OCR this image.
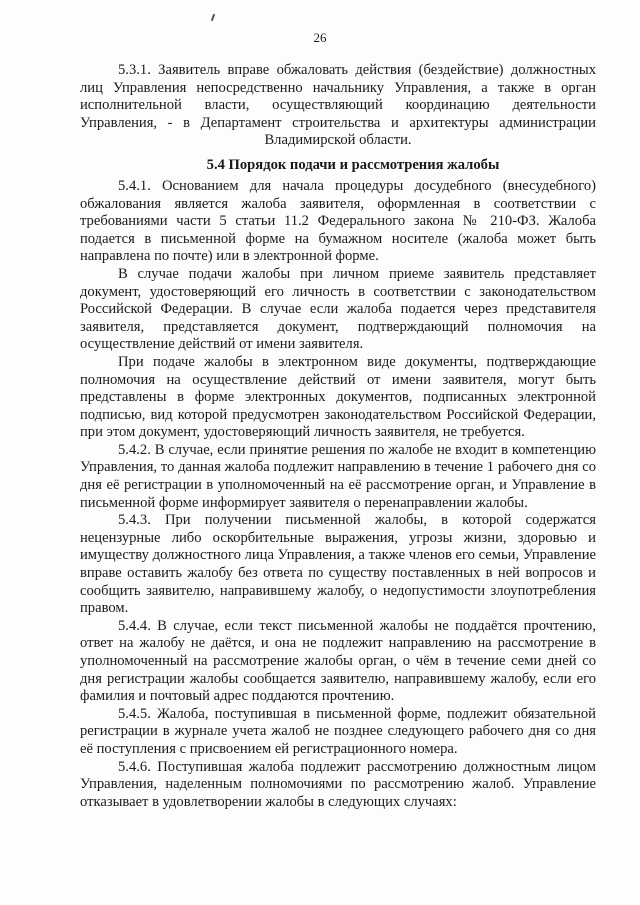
26

5.3.1. Заявитель вправе обжаловать действия (бездействие) должностных лиц Управления непосредственно начальнику Управления, а также в орган исполнительной власти, осуществляющий координацию деятельности Управления, - в Департамент строительства и архитектуры администрации Владимирской области.

5.4 Порядок подачи и рассмотрения жалобы

5.4.1. Основанием для начала процедуры досудебного (внесудебного) обжалования является жалоба заявителя, оформленная в соответствии с требованиями части 5 статьи 11.2 Федерального закона № 210-ФЗ. Жалоба подается в письменной форме на бумажном носителе (жалоба может быть направлена по почте) или в электронной форме.

В случае подачи жалобы при личном приеме заявитель представляет документ, удостоверяющий его личность в соответствии с законодательством Российской Федерации. В случае если жалоба подается через представителя заявителя, представляется документ, подтверждающий полномочия на осуществление действий от имени заявителя.

При подаче жалобы в электронном виде документы, подтверждающие полномочия на осуществление действий от имени заявителя, могут быть представлены в форме электронных документов, подписанных электронной подписью, вид которой предусмотрен законодательством Российской Федерации, при этом документ, удостоверяющий личность заявителя, не требуется.

5.4.2. В случае, если принятие решения по жалобе не входит в компетенцию Управления, то данная жалоба подлежит направлению в течение 1 рабочего дня со дня её регистрации в уполномоченный на её рассмотрение орган, и Управление в письменной форме информирует заявителя о перенаправлении жалобы.

5.4.3. При получении письменной жалобы, в которой содержатся нецензурные либо оскорбительные выражения, угрозы жизни, здоровью и имуществу должностного лица Управления, а также членов его семьи, Управление вправе оставить жалобу без ответа по существу поставленных в ней вопросов и сообщить заявителю, направившему жалобу, о недопустимости злоупотребления правом.

5.4.4. В случае, если текст письменной жалобы не поддаётся прочтению, ответ на жалобу не даётся, и она не подлежит направлению на рассмотрение в уполномоченный на рассмотрение жалобы орган, о чём в течение семи дней со дня регистрации жалобы сообщается заявителю, направившему жалобу, если его фамилия и почтовый адрес поддаются прочтению.

5.4.5. Жалоба, поступившая в письменной форме, подлежит обязательной регистрации в журнале учета жалоб не позднее следующего рабочего дня со дня её поступления с присвоением ей регистрационного номера.

5.4.6. Поступившая жалоба подлежит рассмотрению должностным лицом Управления, наделенным полномочиями по рассмотрению жалоб. Управление отказывает в удовлетворении жалобы в следующих случаях:
